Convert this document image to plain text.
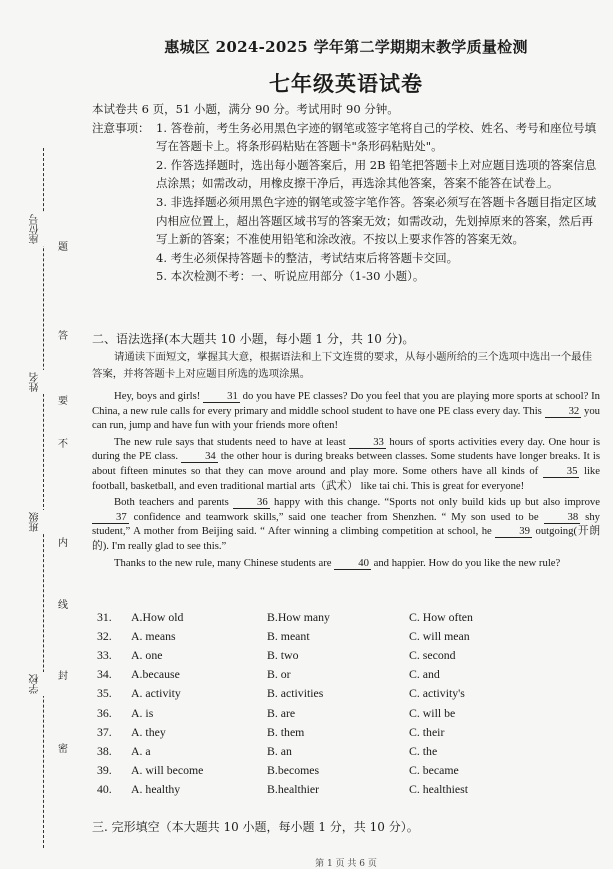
座位号
姓名
班级
学校
题
答
要
不
内
线
封
密
惠城区 2024-2025 学年第二学期期末教学质量检测
七年级英语试卷

本试卷共 6 页，51 小题，满分 90 分。考试用时 90 分钟。

注意事项： 1. 答卷前，考生务必用黑色字迹的钢笔或签字笔将自己的学校、姓名、考号和座位号填写在答题卡上。将条形码粘贴在答题卡"条形码粘贴处"。

2. 作答选择题时，选出每小题答案后，用 2B 铅笔把答题卡上对应题目选项的答案信息点涂黑；如需改动，用橡皮擦干净后，再选涂其他答案，答案不能答在试卷上。

3. 非选择题必须用黑色字迹的钢笔或签字笔作答。答案必须写在答题卡各题目指定区域内相应位置上，超出答题区域书写的答案无效；如需改动，先划掉原来的答案，然后再写上新的答案；不准使用铅笔和涂改液。不按以上要求作答的答案无效。

4. 考生必须保持答题卡的整洁，考试结束后将答题卡交回。

5. 本次检测不考：一、听说应用部分（1-30 小题）。

二、语法选择(本大题共 10 小题，每小题 1 分，共 10 分)。

请通读下面短文，掌握其大意，根据语法和上下文连贯的要求，从每小题所给的三个选项中选出一个最佳答案，并将答题卡上对应题目所选的选项涂黑。

Hey, boys and girls!	31 do you have PE classes? Do you feel that you are playing more sports at school? In China, a new rule calls for every primary and middle school student to have one PE class every day. This 32 you can run, jump and have fun with your friends more often!

The new rule says that students need to have at least	33 hours of sports activities every day. One hour is during the PE class.	34 the other hour is during breaks between classes. Some students have longer breaks. It is about fifteen minutes so that they can move around and play more. Some others have all kinds of	35 like football, basketball, and even traditional martial arts（武术） like tai chi. This is great for everyone!

Both teachers and parents	36 happy with this change. “Sports not only build kids up but also improve 37 confidence and teamwork skills,” said one teacher from Shenzhen. “ My son used to be	38 shy student,” A mother from Beijing said. “ After winning a climbing competition at school, he	39 outgoing(开朗的). I'm really glad to see this.”

Thanks to the new rule, many Chinese students are 40 and happier. How do you like the new rule?

31.	A.How old	B.How many	C. How often
32.	A. means	B. meant	C. will mean
33.	A. one	B. two	C. second
34.	A.because	B. or	C. and
35.	A. activity	B. activities	C. activity's
36.	A. is	B. are	C. will be
37.	A. they	B. them	C. their
38.	A. a	B. an	C. the
39.	A. will become	B.becomes	C. became
40.	A. healthy	B.healthier	C. healthiest

三. 完形填空（本大题共 10 小题，每小题 1 分，共 10 分）。

第 1 页 共 6 页
